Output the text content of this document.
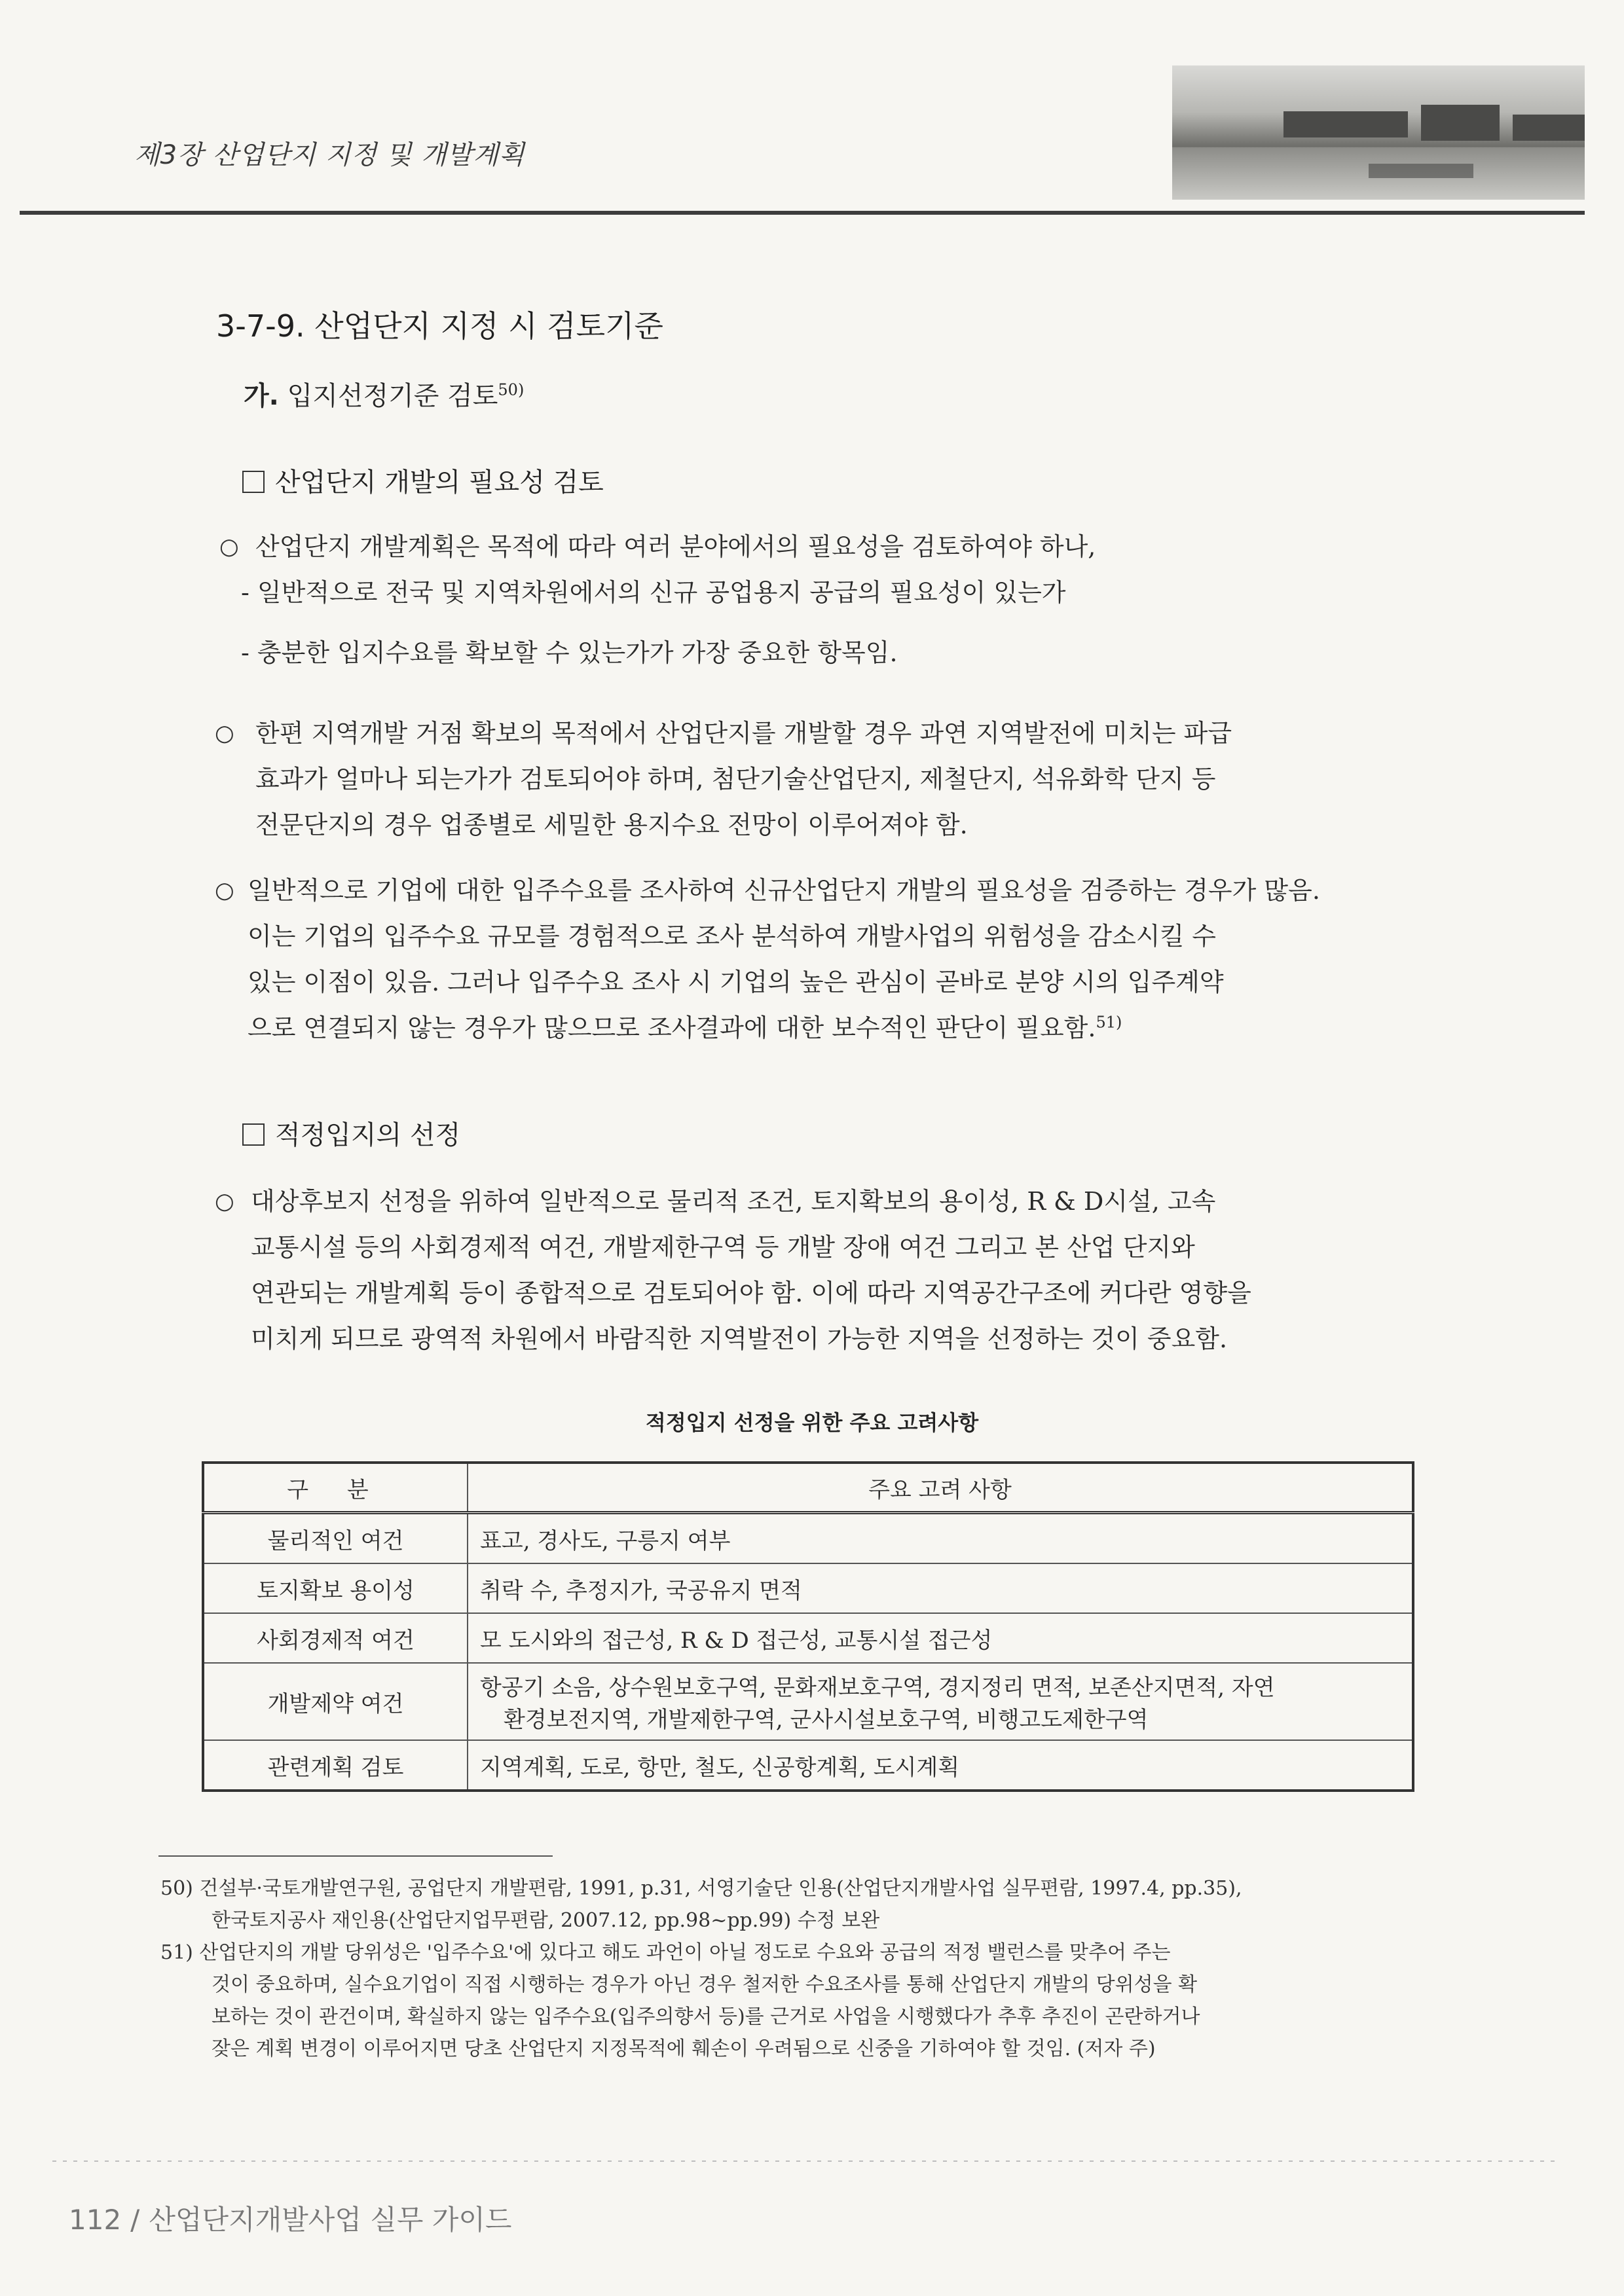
제3장 산업단지 지정 및 개발계획
3-7-9. 산업단지 지정 시 검토기준
가. 입지선정기준 검토$^{50)}$
산업단지 개발의 필요성 검토
○ 산업단지 개발계획은 목적에 따라 여러 분야에서의 필요성을 검토하여야 하나,
- 일반적으로 전국 및 지역차원에서의 신규 공업용지 공급의 필요성이 있는가
- 충분한 입지수요를 확보할 수 있는가가 가장 중요한 항목임.
○ 한편 지역개발 거점 확보의 목적에서 산업단지를 개발할 경우 과연 지역발전에 미치는 파급
효과가 얼마나 되는가가 검토되어야 하며, 첨단기술산업단지, 제철단지, 석유화학 단지 등
전문단지의 경우 업종별로 세밀한 용지수요 전망이 이루어져야 함.
○ 일반적으로 기업에 대한 입주수요를 조사하여 신규산업단지 개발의 필요성을 검증하는 경우가 많음.
이는 기업의 입주수요 규모를 경험적으로 조사 분석하여 개발사업의 위험성을 감소시킬 수
있는 이점이 있음. 그러나 입주수요 조사 시 기업의 높은 관심이 곧바로 분양 시의 입주계약
으로 연결되지 않는 경우가 많으므로 조사결과에 대한 보수적인 판단이 필요함.$^{51)}$
적정입지의 선정
○ 대상후보지 선정을 위하여 일반적으로 물리적 조건, 토지확보의 용이성, R & D시설, 고속
교통시설 등의 사회경제적 여건, 개발제한구역 등 개발 장애 여건 그리고 본 산업 단지와
연관되는 개발계획 등이 종합적으로 검토되어야 함. 이에 따라 지역공간구조에 커다란 영향을
미치게 되므로 광역적 차원에서 바람직한 지역발전이 가능한 지역을 선정하는 것이 중요함.
적정입지 선정을 위한 주요 고려사항
구 분	주요 고려 사항
물리적인 여건	표고, 경사도, 구릉지 여부
토지확보 용이성	취락 수, 추정지가, 국공유지 면적
사회경제적 여건	모 도시와의 접근성, R & D 접근성, 교통시설 접근성
개발제약 여건	항공기 소음, 상수원보호구역, 문화재보호구역, 경지정리 면적, 보존산지면적, 자연
환경보전지역, 개발제한구역, 군사시설보호구역, 비행고도제한구역

관련계획 검토	지역계획, 도로, 항만, 철도, 신공항계획, 도시계획
50) 건설부·국토개발연구원, 공업단지 개발편람, 1991, p.31, 서영기술단 인용(산업단지개발사업 실무편람, 1997.4, pp.35),
한국토지공사 재인용(산업단지업무편람, 2007.12, pp.98~pp.99) 수정 보완
51) 산업단지의 개발 당위성은 '입주수요'에 있다고 해도 과언이 아닐 정도로 수요와 공급의 적정 밸런스를 맞추어 주는
것이 중요하며, 실수요기업이 직접 시행하는 경우가 아닌 경우 철저한 수요조사를 통해 산업단지 개발의 당위성을 확
보하는 것이 관건이며, 확실하지 않는 입주수요(입주의향서 등)를 근거로 사업을 시행했다가 추후 추진이 곤란하거나
잦은 계획 변경이 이루어지면 당초 산업단지 지정목적에 훼손이 우려됨으로 신중을 기하여야 할 것임. (저자 주)
112 / 산업단지개발사업 실무 가이드
